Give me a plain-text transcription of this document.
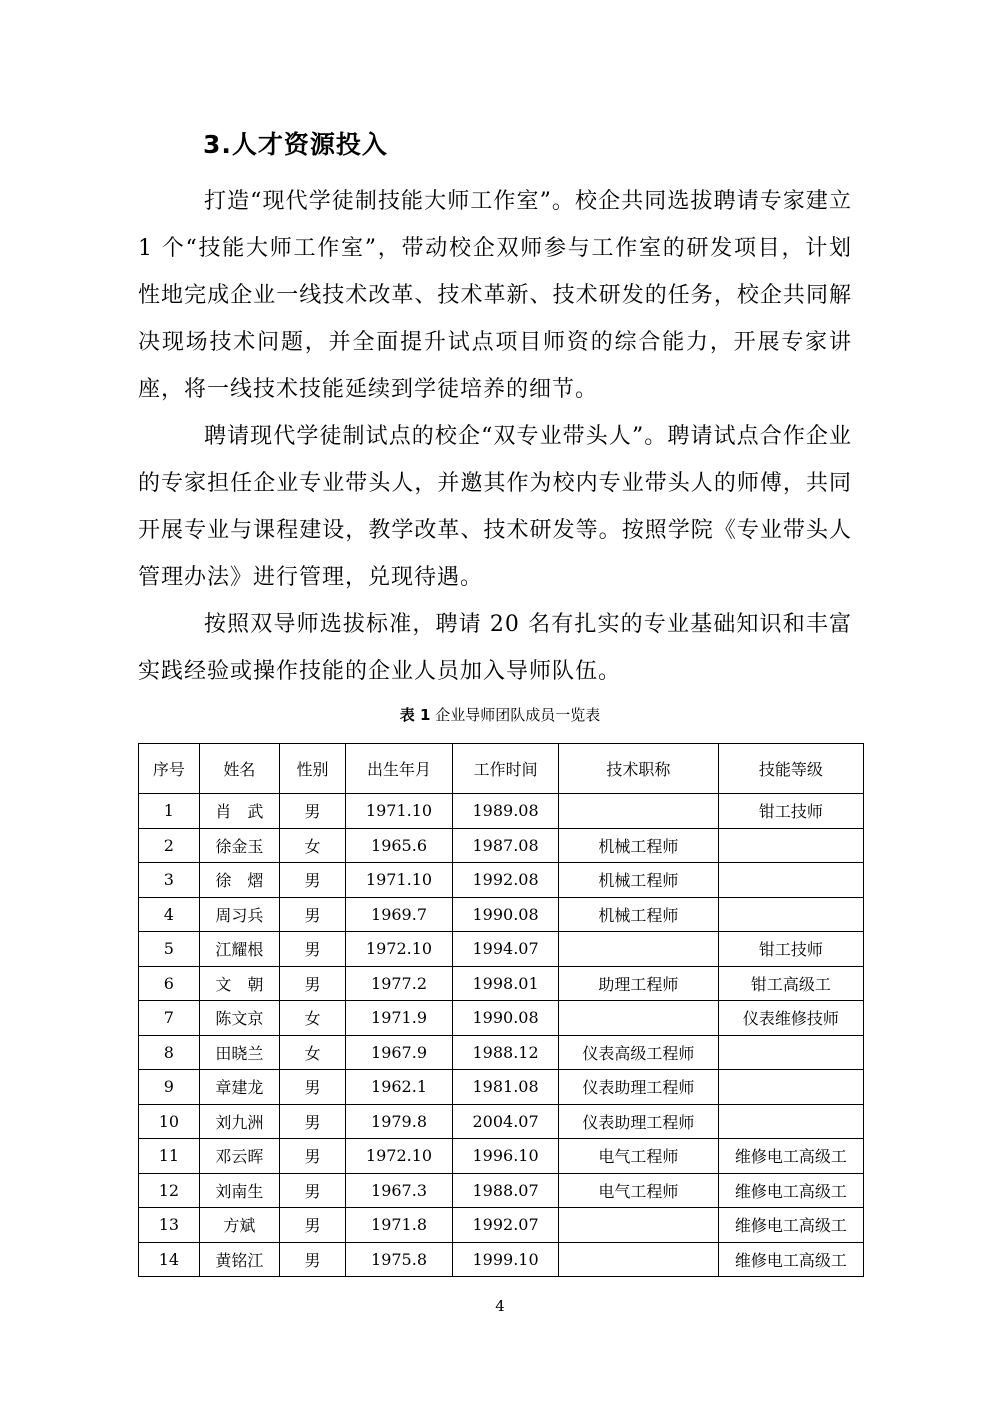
3.人才资源投入

打造“现代学徒制技能大师工作室”。校企共同选拔聘请专家建立 1 个“技能大师工作室”，带动校企双师参与工作室的研发项目，计划性地完成企业一线技术改革、技术革新、技术研发的任务，校企共同解决现场技术问题，并全面提升试点项目师资的综合能力，开展专家讲座，将一线技术技能延续到学徒培养的细节。

聘请现代学徒制试点的校企“双专业带头人”。聘请试点合作企业的专家担任企业专业带头人，并邀其作为校内专业带头人的师傅，共同开展专业与课程建设，教学改革、技术研发等。按照学院《专业带头人管理办法》进行管理，兑现待遇。

按照双导师选拔标准，聘请 20 名有扎实的专业基础知识和丰富实践经验或操作技能的企业人员加入导师队伍。

表 1 企业导师团队成员一览表
序号	姓名	性别	出生年月	工作时间	技术职称	技能等级
1	肖　武	男	1971.10	1989.08		钳工技师
2	徐金玉	女	1965.6	1987.08	机械工程师	
3	徐　熠	男	1971.10	1992.08	机械工程师	
4	周习兵	男	1969.7	1990.08	机械工程师	
5	江耀根	男	1972.10	1994.07		钳工技师
6	文　朝	男	1977.2	1998.01	助理工程师	钳工高级工
7	陈文京	女	1971.9	1990.08		仪表维修技师
8	田晓兰	女	1967.9	1988.12	仪表高级工程师	
9	章建龙	男	1962.1	1981.08	仪表助理工程师	
10	刘九洲	男	1979.8	2004.07	仪表助理工程师	
11	邓云晖	男	1972.10	1996.10	电气工程师	维修电工高级工
12	刘南生	男	1967.3	1988.07	电气工程师	维修电工高级工
13	方斌	男	1971.8	1992.07		维修电工高级工
14	黄铭江	男	1975.8	1999.10		维修电工高级工
4
